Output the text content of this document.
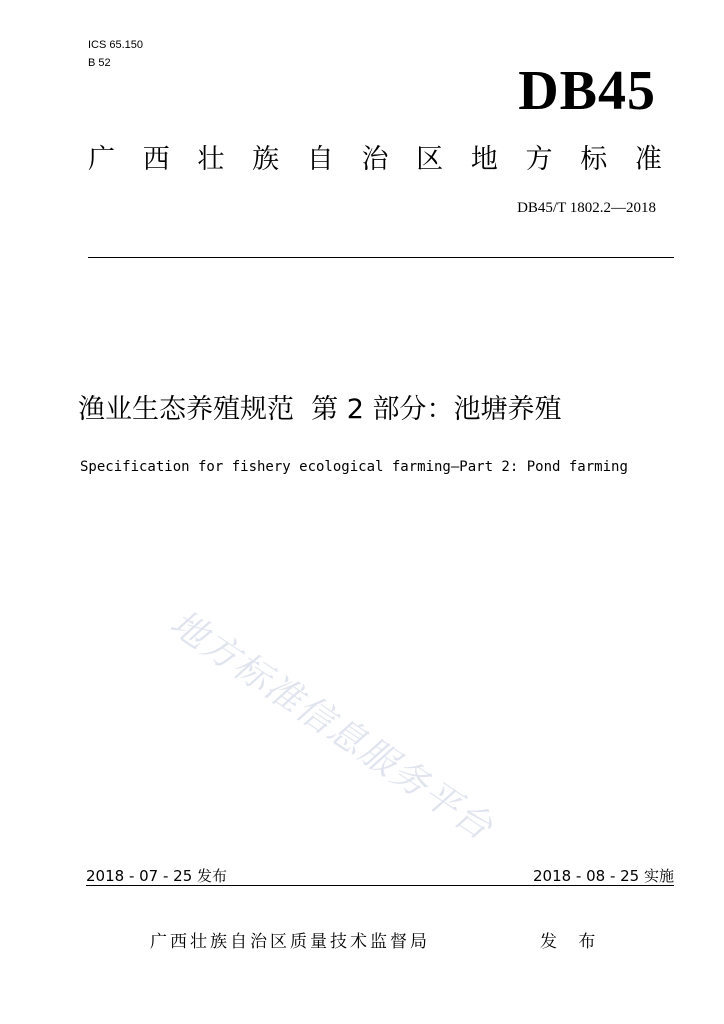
ICS 65.150
B 52	DB45
广 西 壮 族 自 治 区 地 方 标 准
DB45/T 1802.2—2018
渔业生态养殖规范  第 2 部分：池塘养殖
Specification for fishery ecological farming—Part 2: Pond farming
地方标准信息服务平台
2018 - 07 - 25 发布	2018 - 08 - 25 实施
广西壮族自治区质量技术监督局	发 布
